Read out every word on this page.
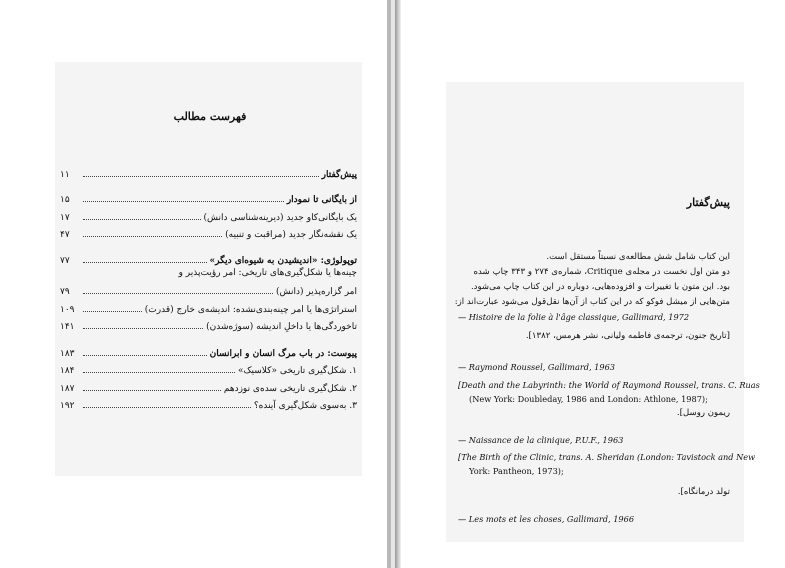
فهرست مطالب
۱۱	پیش‌گفتار
۱۵	از بایگانی تا نمودار
۱۷	یک بایگانی‌کاو جدید (دیرینه‌شناسی دانش)
۴۷	یک نقشه‌نگار جدید (مراقبت و تنبیه)
۷۷	توپولوژی: «اندیشیدن به شیوه‌ای دیگر»
چینه‌ها یا شکل‌گیری‌های تاریخی: امر رؤیت‌پذیر و
۷۹	امر گزاره‌پذیر (دانش)
۱۰۹	استراتژی‌ها یا امر چینه‌بندی‌نشده: اندیشه‌ی خارج (قدرت)
۱۴۱	تاخوردگی‌ها یا داخلِ اندیشه (سوژه‌شدن)
۱۸۳	پیوست: در باب مرگ انسان و ابرانسان
۱۸۴	۱. شکل‌گیری تاریخی «کلاسیک»
۱۸۷	۲. شکل‌گیری تاریخی سده‌ی نوزدهم
۱۹۲	۳. به‌سوی شکل‌گیری آینده؟
پیش‌گفتار
این کتاب شامل شش مطالعه‌ی نسبتاً مستقل است.
دو متن اول نخست در مجله‌ی Critique، شماره‌ی ۲۷۴ و ۳۴۳ چاپ شده
بود. این متون با تغییرات و افزوده‌هایی، دوباره در این کتاب چاپ می‌شود.
متن‌هایی از میشل فوکو که در این کتاب از آن‌ها نقل‌قول می‌شود عبارت‌اند از:
— Histoire de la folie à l'âge classique, Gallimard, 1972
[تاریخ جنون، ترجمه‌ی فاطمه ولیانی، نشر هرمس، ۱۳۸۲].
— Raymond Roussel, Gallimard, 1963
[Death and the Labyrinth: the World of Raymond Roussel, trans. C. Ruas
(New York: Doubleday, 1986 and London: Athlone, 1987);
ریمون روسل].
— Naissance de la clinique, P.U.F., 1963
[The Birth of the Clinic, trans. A. Sheridan (London: Tavistock and New
York: Pantheon, 1973);
تولد درمانگاه].
— Les mots et les choses, Gallimard, 1966
